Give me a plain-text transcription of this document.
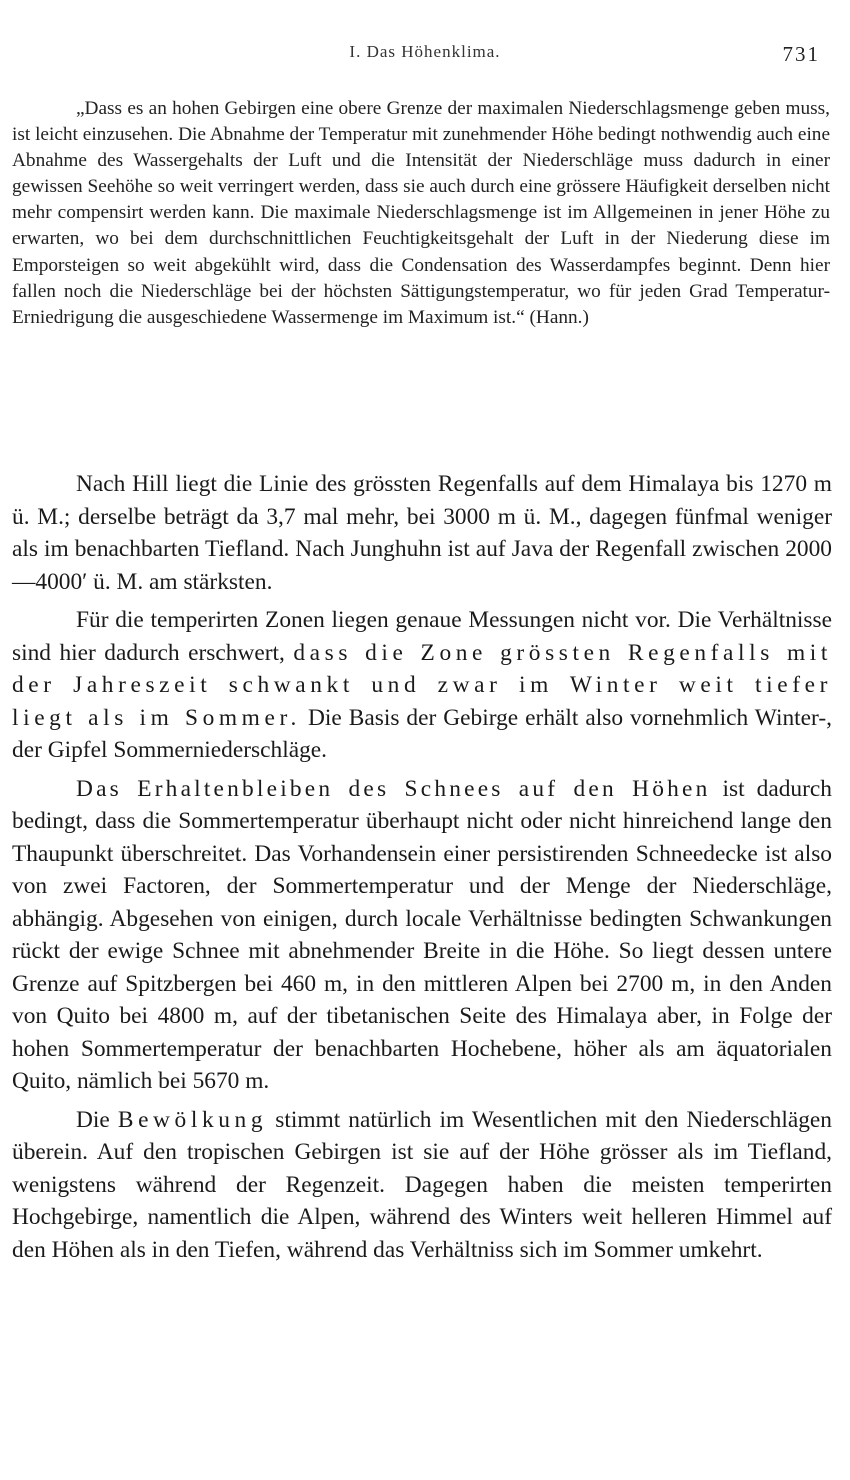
I. Das Höhenklima.	731

„Dass es an hohen Gebirgen eine obere Grenze der maximalen Niederschlagsmenge geben muss, ist leicht einzusehen. Die Abnahme der Temperatur mit zunehmender Höhe bedingt nothwendig auch eine Abnahme des Wassergehalts der Luft und die Intensität der Niederschläge muss dadurch in einer gewissen Seehöhe so weit verringert werden, dass sie auch durch eine grössere Häufigkeit derselben nicht mehr compensirt werden kann. Die maximale Niederschlagsmenge ist im Allgemeinen in jener Höhe zu erwarten, wo bei dem durchschnittlichen Feuchtigkeitsgehalt der Luft in der Niederung diese im Emporsteigen so weit abgekühlt wird, dass die Condensation des Wasserdampfes beginnt. Denn hier fallen noch die Niederschläge bei der höchsten Sättigungstemperatur, wo für jeden Grad Temperatur-Erniedrigung die ausgeschiedene Wassermenge im Maximum ist.“ (Hann.)

Nach Hill liegt die Linie des grössten Regenfalls auf dem Himalaya bis 1270 m ü. M.; derselbe beträgt da 3,7 mal mehr, bei 3000 m ü. M., dagegen fünfmal weniger als im benachbarten Tiefland. Nach Junghuhn ist auf Java der Regenfall zwischen 2000—4000′ ü. M. am stärksten.

Für die temperirten Zonen liegen genaue Messungen nicht vor. Die Verhältnisse sind hier dadurch erschwert, dass die Zone grössten Regenfalls mit der Jahreszeit schwankt und zwar im Winter weit tiefer liegt als im Sommer. Die Basis der Gebirge erhält also vornehmlich Winter-, der Gipfel Sommerniederschläge.

Das Erhaltenbleiben des Schnees auf den Höhen ist dadurch bedingt, dass die Sommertemperatur überhaupt nicht oder nicht hinreichend lange den Thaupunkt überschreitet. Das Vorhandensein einer persistirenden Schneedecke ist also von zwei Factoren, der Sommertemperatur und der Menge der Niederschläge, abhängig. Abgesehen von einigen, durch locale Verhältnisse bedingten Schwankungen rückt der ewige Schnee mit abnehmender Breite in die Höhe. So liegt dessen untere Grenze auf Spitzbergen bei 460 m, in den mittleren Alpen bei 2700 m, in den Anden von Quito bei 4800 m, auf der tibetanischen Seite des Himalaya aber, in Folge der hohen Sommertemperatur der benachbarten Hochebene, höher als am äquatorialen Quito, nämlich bei 5670 m.

Die Bewölkung stimmt natürlich im Wesentlichen mit den Niederschlägen überein. Auf den tropischen Gebirgen ist sie auf der Höhe grösser als im Tiefland, wenigstens während der Regenzeit. Dagegen haben die meisten temperirten Hochgebirge, namentlich die Alpen, während des Winters weit helleren Himmel auf den Höhen als in den Tiefen, während das Verhältniss sich im Sommer umkehrt.
